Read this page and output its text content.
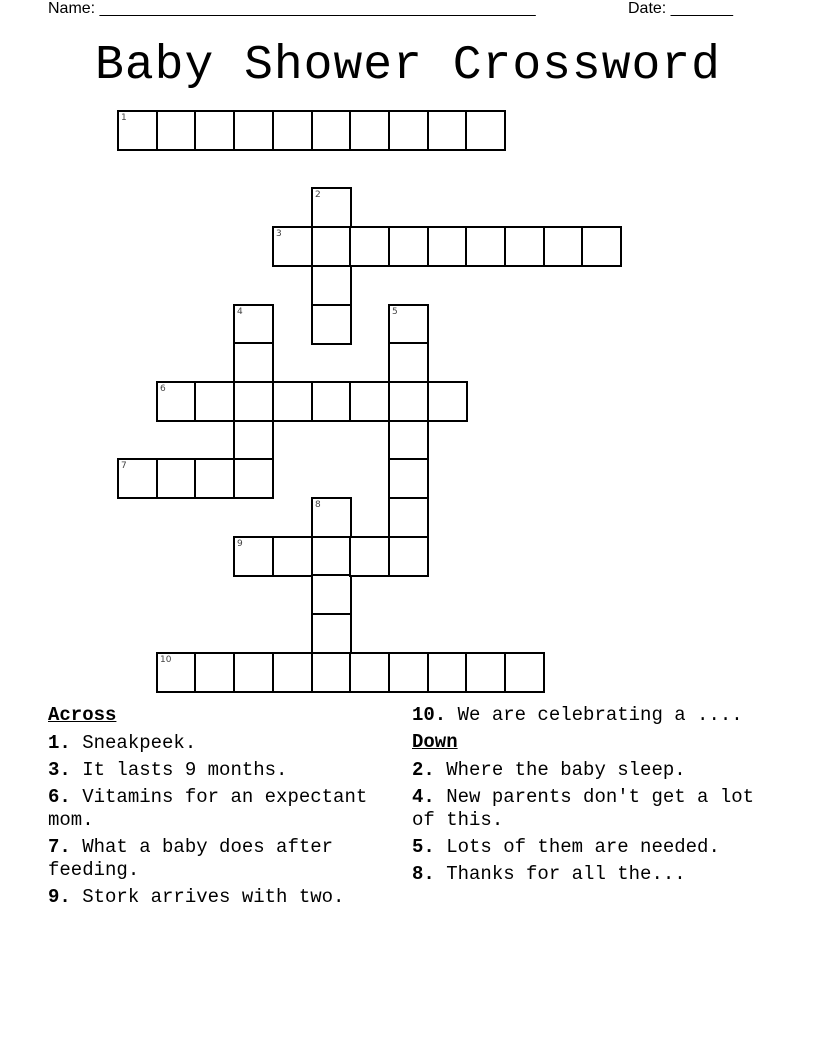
Name: _________________________________________________	Date: _______
Baby Shower Crossword
1
2
3
4	5
6
7
8
9
10
Across
1. Sneakpeek.
3. It lasts 9 months.
6. Vitamins for an expectant mom.
7. What a baby does after feeding.
9. Stork arrives with two.
10. We are celebrating a ....
Down
2. Where the baby sleep.
4. New parents don't get a lot of this.
5. Lots of them are needed.
8. Thanks for all the...
